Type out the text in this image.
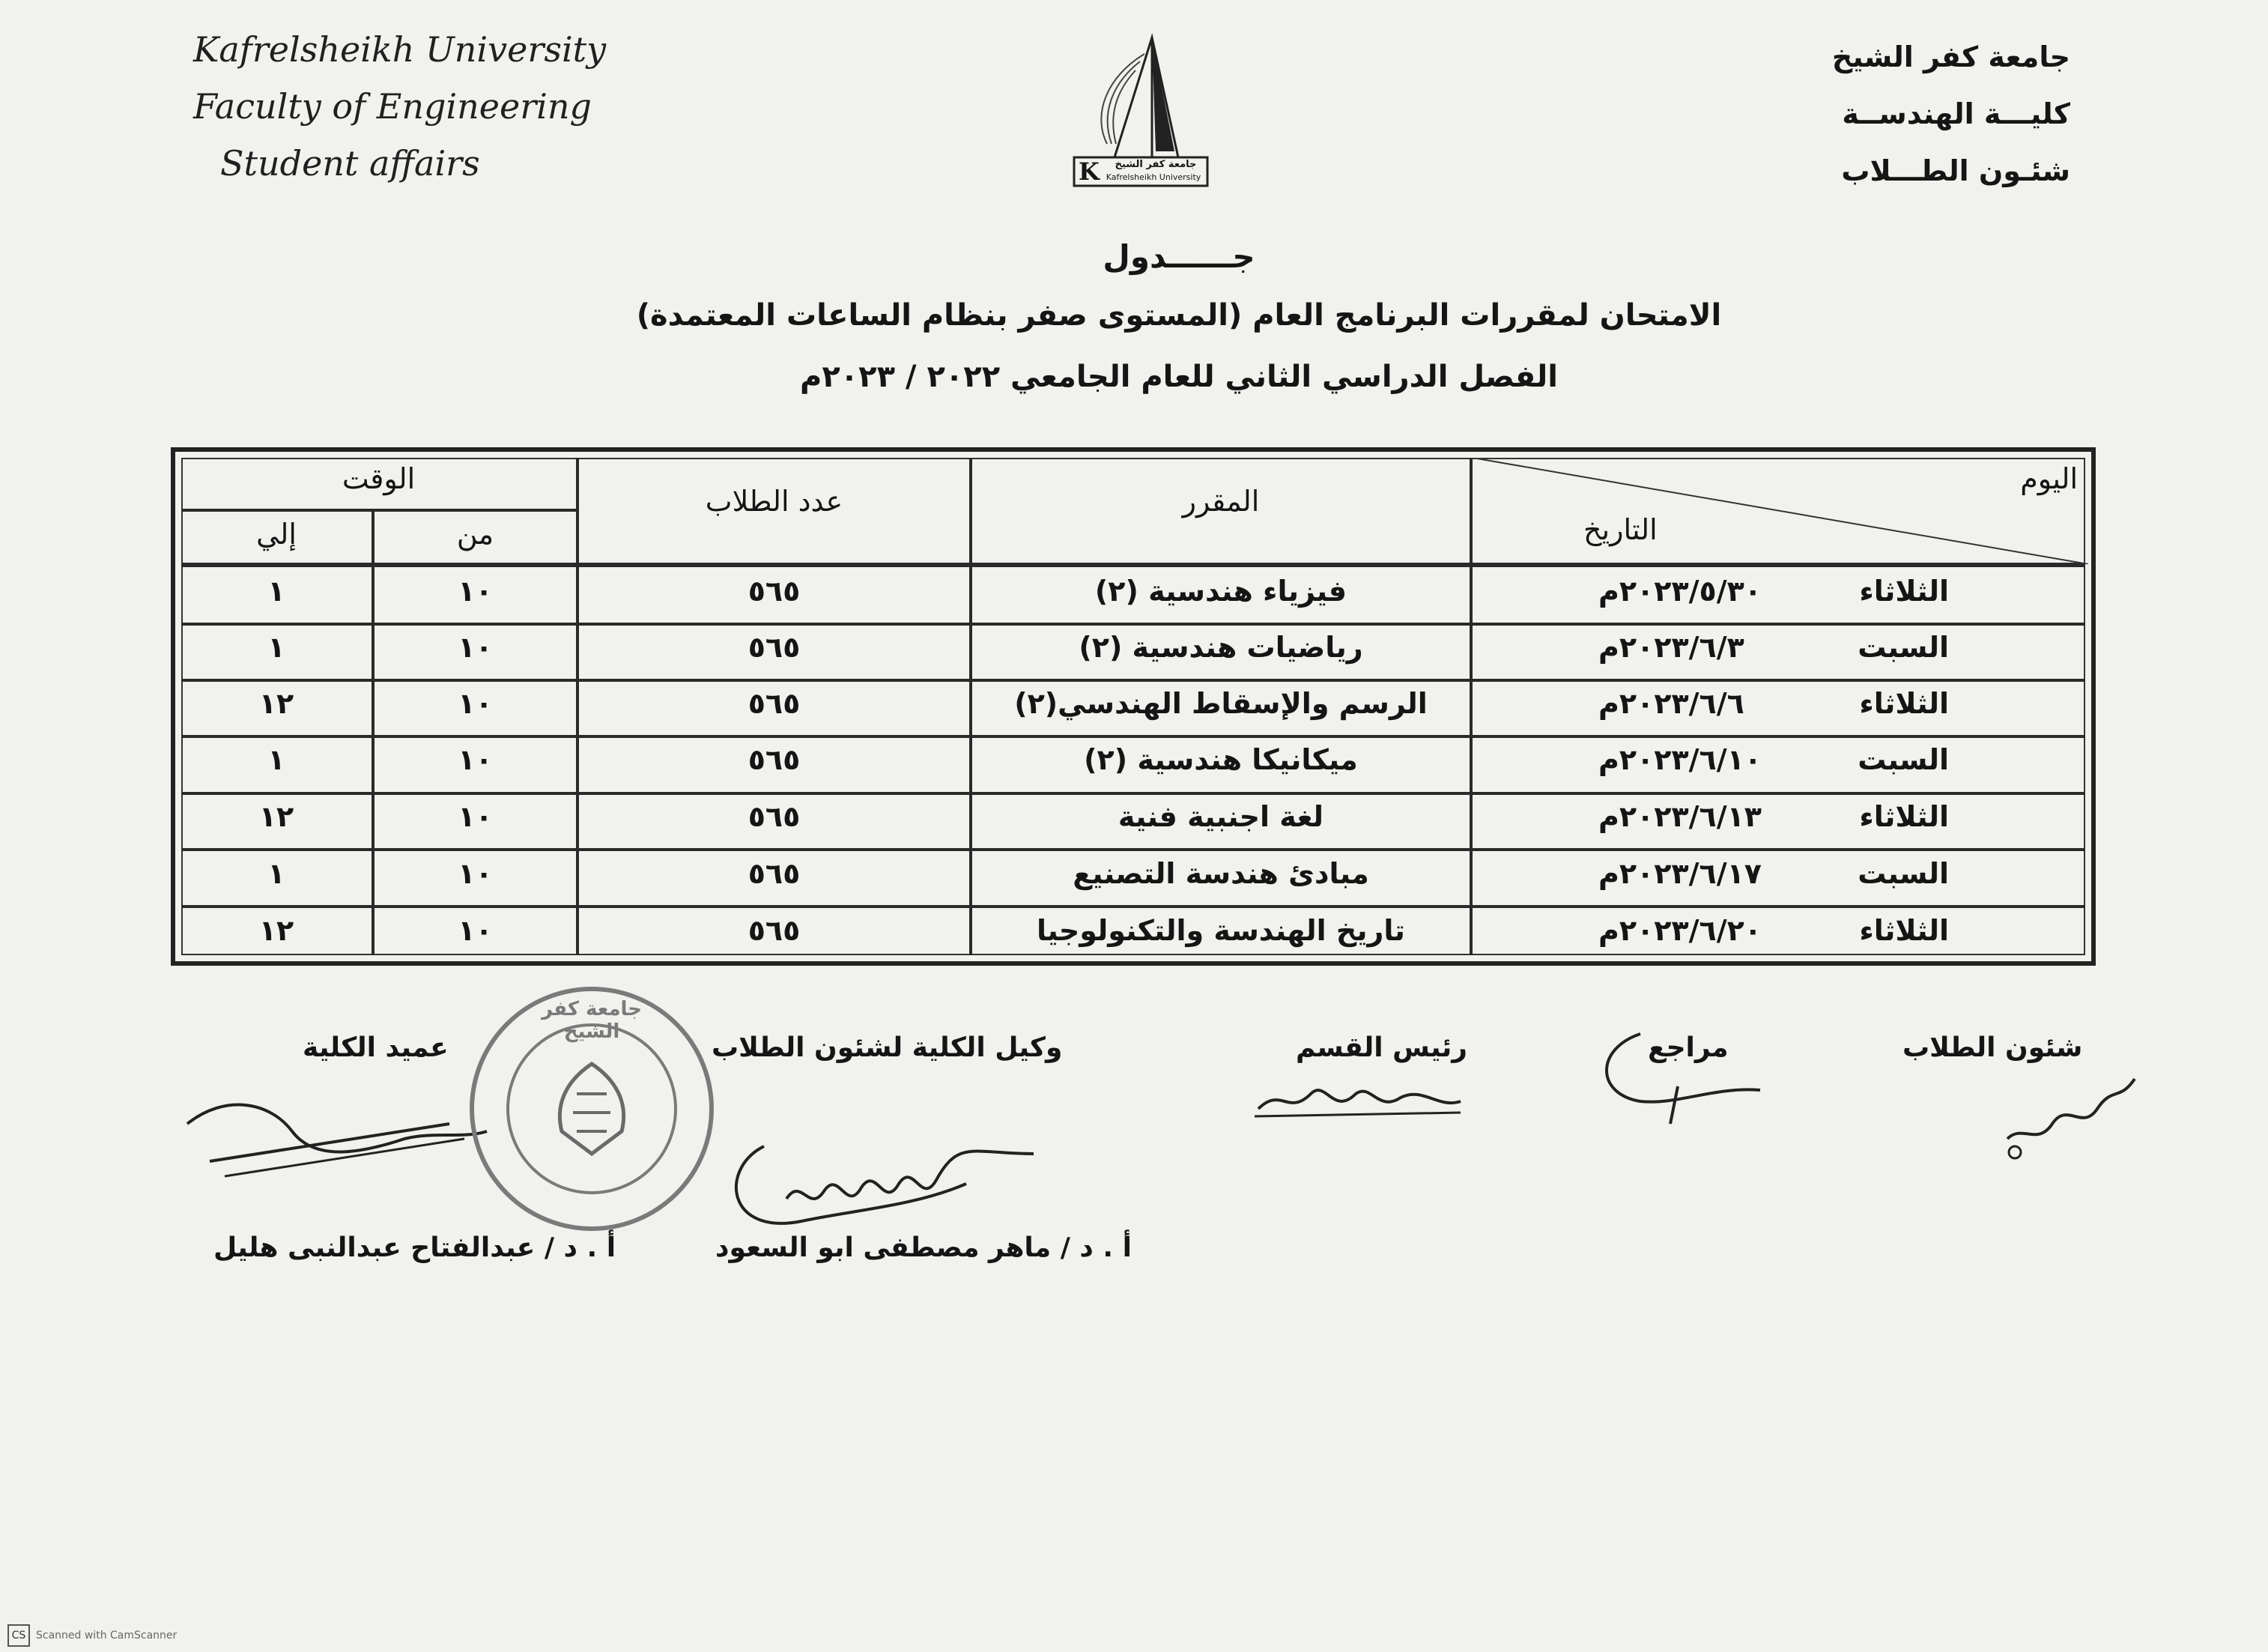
Kafrelsheikh University
Faculty of Engineering
Student affairs	K	جامعة كفر الشيخ
Kafrelsheikh University
جامعة كفر الشيخ
كليـــة الهندســة
شئـون الطـــلاب
جــــــدول
الامتحان لمقررات البرنامج العام (المستوى صفر بنظام الساعات المعتمدة)
الفصل الدراسي الثاني للعام الجامعي ٢٠٢٢ / ٢٠٢٣م
اليوم
التاريخ
المقرر
عدد الطلاب
الوقت
من
إلي
الثلاثاء
٢٠٢٣/٥/٣٠م
فيزياء هندسية (٢)
٥٦٥
١٠
١
السبت
٢٠٢٣/٦/٣م
رياضيات هندسية (٢)
٥٦٥
١٠
١
الثلاثاء
٢٠٢٣/٦/٦م
الرسم والإسقاط الهندسي(٢)
٥٦٥
١٠
١٢
السبت
٢٠٢٣/٦/١٠م
ميكانيكا هندسية (٢)
٥٦٥
١٠
١
الثلاثاء
٢٠٢٣/٦/١٣م
لغة اجنبية فنية
٥٦٥
١٠
١٢
السبت
٢٠٢٣/٦/١٧م
مبادئ هندسة التصنيع
٥٦٥
١٠
١
الثلاثاء
٢٠٢٣/٦/٢٠م
تاريخ الهندسة والتكنولوجيا
٥٦٥
١٠
١٢
شئون الطلاب
مراجع
رئيس القسم
وكيل الكلية لشئون الطلاب
عميد الكلية
جامعة كفر الشيخ
أ . د / ماهر مصطفى ابو السعود
أ . د / عبدالفتاح عبدالنبى هليل
CS Scanned with CamScanner
